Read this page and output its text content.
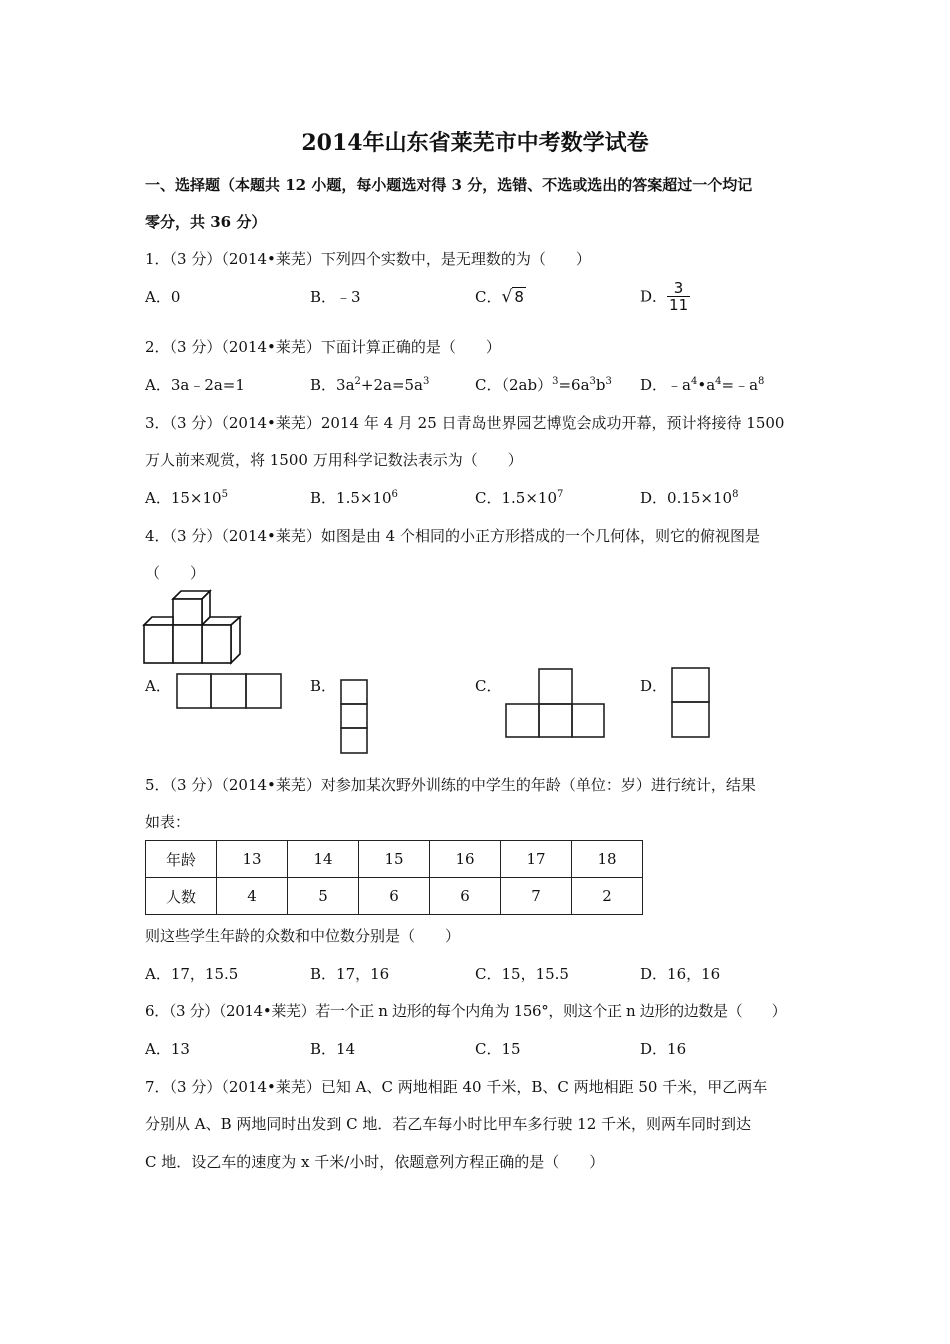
2014年山东省莱芜市中考数学试卷
一、选择题（本题共 12 小题，每小题选对得 3 分，选错、不选或选出的答案超过一个均记
零分，共 36 分）
1．（3 分）（2014•莱芜）下列四个实数中，是无理数的为（　　）
A．0	B．﹣3	C．√ 8	D． $\frac{3}{11}$
2．（3 分）（2014•莱芜）下面计算正确的是（　　）
A．3a﹣2a=1	B．$3a^2+2a=5a^3$	C．$(2ab)^3=6a^3b^3$ D．$﹣a^4•a^4=﹣a^8$
3．（3 分）（2014•莱芜）2014 年 4 月 25 日青岛世界园艺博览会成功开幕，预计将接待 1500
万人前来观赏，将 1500 万用科学记数法表示为（　　）
A．$15\times 10^5$	B．$1.5\times 10^6$	C．$1.5\times 10^7$	D．$0.15\times 10^8$
4．（3 分）（2014•莱芜）如图是由 4 个相同的小正方形搭成的一个几何体，则它的俯视图是
（　　）
A．	B．	C．	D．
5．（3 分）（2014•莱芜）对参加某次野外训练的中学生的年龄（单位：岁）进行统计，结果
如表：
年龄	13	14	15	16	17	18
人数	4	5	6	6	7	2
则这些学生年龄的众数和中位数分别是（　　）
A．17，15.5	B．17，16	C．15，15.5	D．16，16
6．（3 分）（2014•莱芜）若一个正 n 边形的每个内角为 156°，则这个正 n 边形的边数是（　　）
A．13	B．14	C．15	D．16
7．（3 分）（2014•莱芜）已知 A、C 两地相距 40 千米，B、C 两地相距 50 千米，甲乙两车
分别从 A、B 两地同时出发到 C 地．若乙车每小时比甲车多行驶 12 千米，则两车同时到达
C 地．设乙车的速度为 x 千米/小时，依题意列方程正确的是（　　）
